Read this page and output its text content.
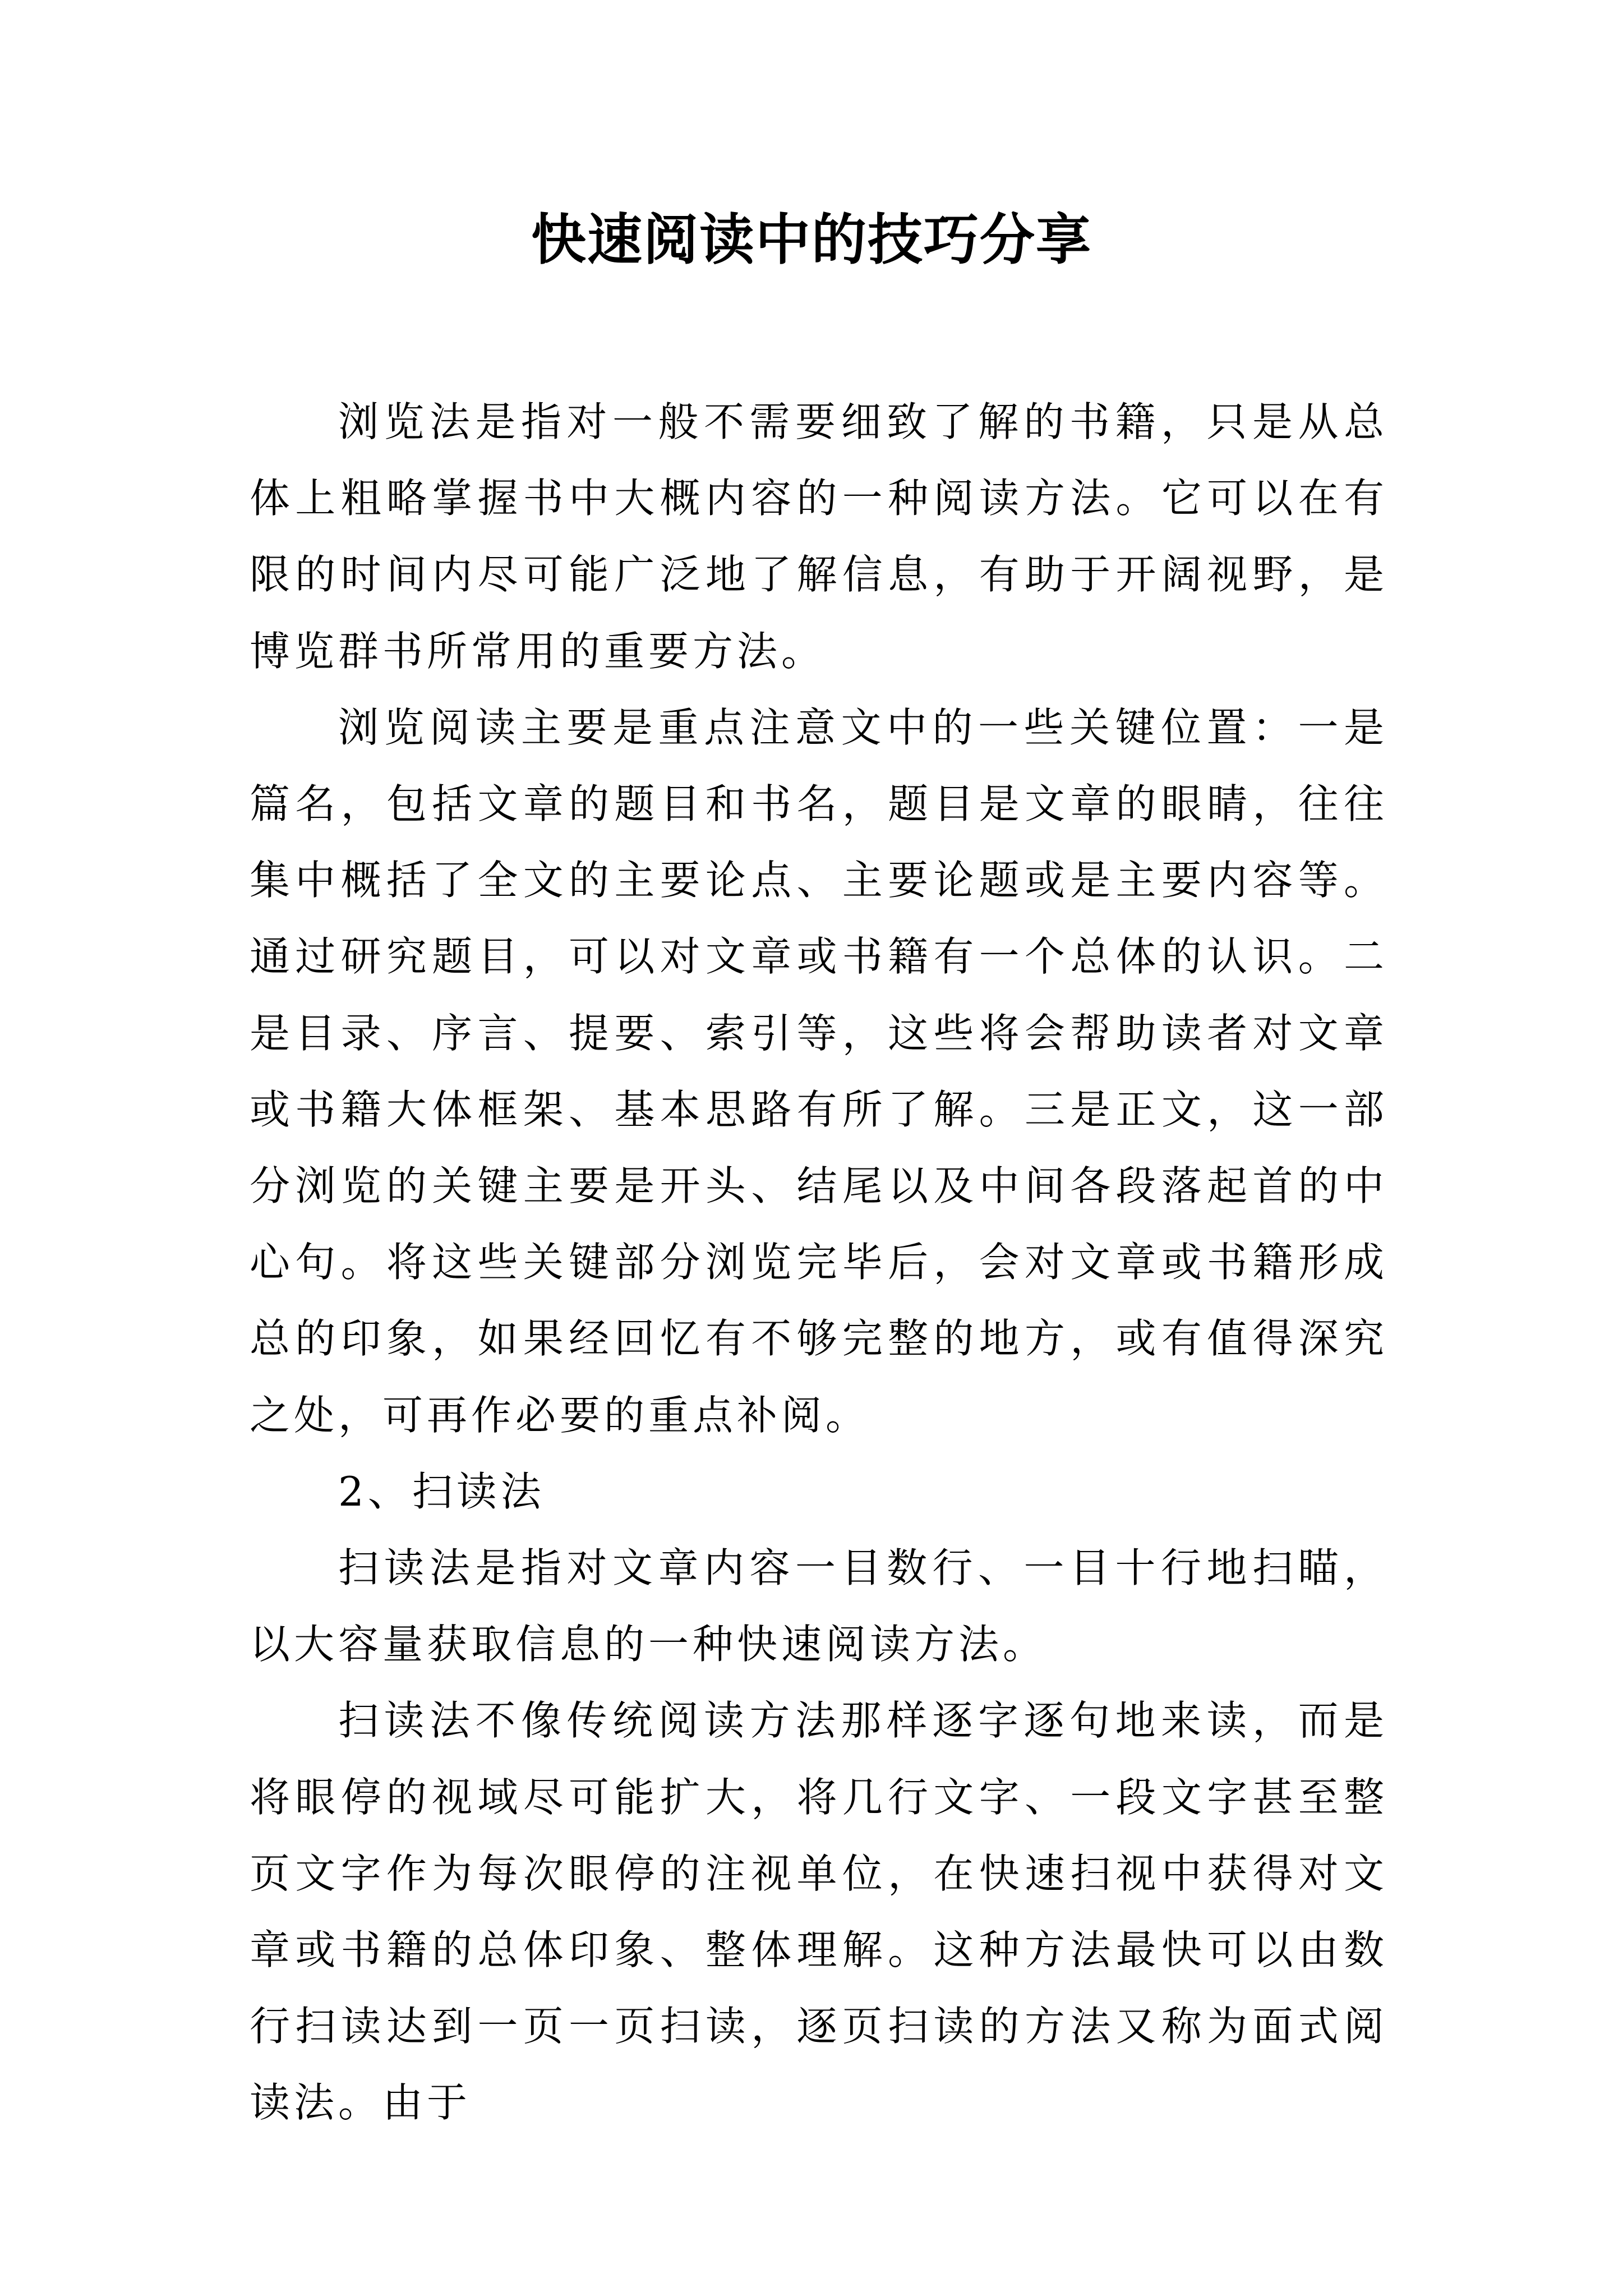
快速阅读中的技巧分享

浏览法是指对一般不需要细致了解的书籍，只是从总体上粗略掌握书中大概内容的一种阅读方法。它可以在有限的时间内尽可能广泛地了解信息，有助于开阔视野，是博览群书所常用的重要方法。

浏览阅读主要是重点注意文中的一些关键位置：一是篇名，包括文章的题目和书名，题目是文章的眼睛，往往集中概括了全文的主要论点、主要论题或是主要内容等。通过研究题目，可以对文章或书籍有一个总体的认识。二是目录、序言、提要、索引等，这些将会帮助读者对文章或书籍大体框架、基本思路有所了解。三是正文，这一部分浏览的关键主要是开头、结尾以及中间各段落起首的中心句。将这些关键部分浏览完毕后，会对文章或书籍形成总的印象，如果经回忆有不够完整的地方，或有值得深究之处，可再作必要的重点补阅。

2、扫读法

扫读法是指对文章内容一目数行、一目十行地扫瞄，以大容量获取信息的一种快速阅读方法。

扫读法不像传统阅读方法那样逐字逐句地来读，而是将眼停的视域尽可能扩大，将几行文字、一段文字甚至整页文字作为每次眼停的注视单位，在快速扫视中获得对文章或书籍的总体印象、整体理解。这种方法最快可以由数行扫读达到一页一页扫读，逐页扫读的方法又称为面式阅读法。由于
